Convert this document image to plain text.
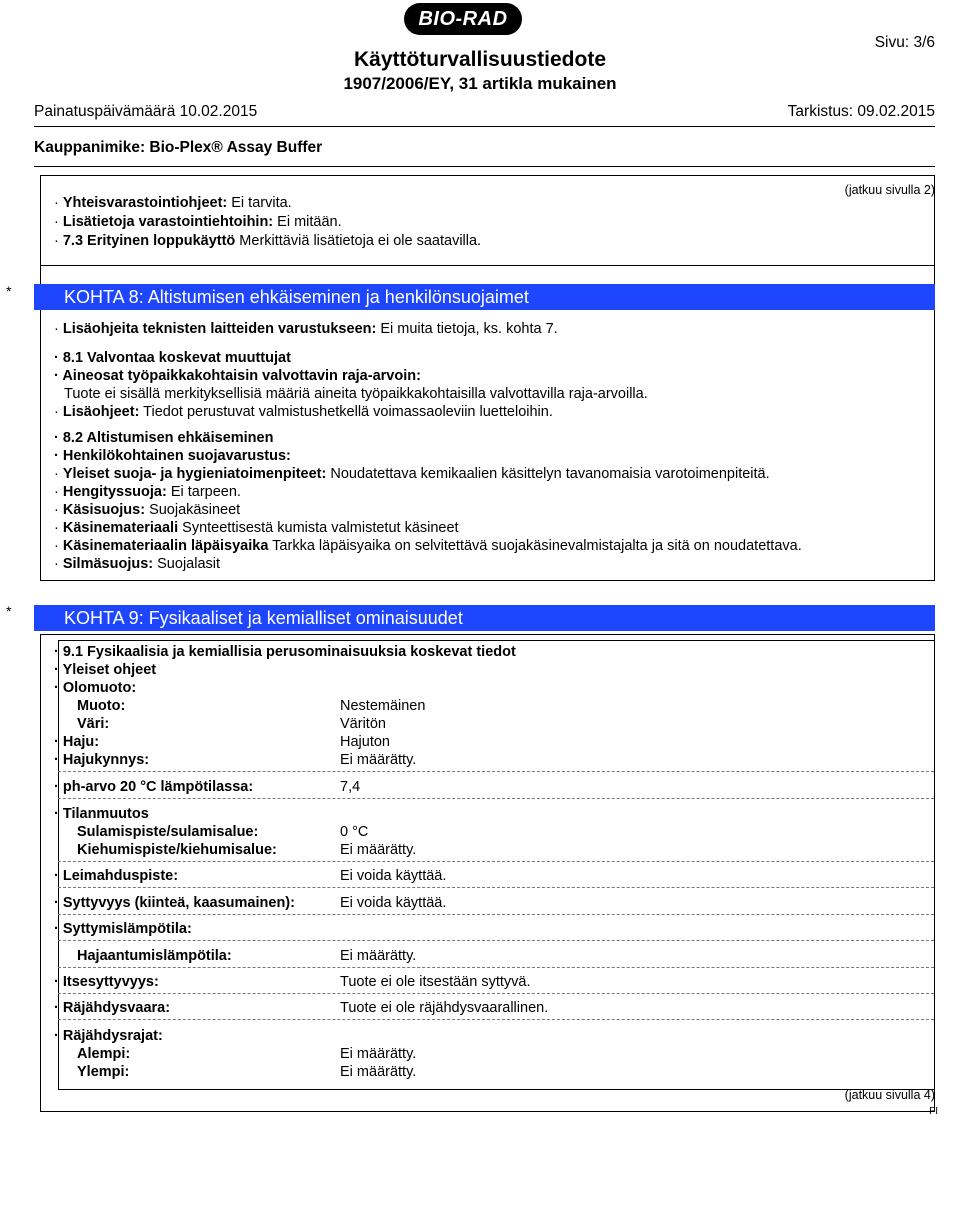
BIO-RAD
Käyttöturvallisuustiedote
1907/2006/EY, 31 artikla mukainen
Sivu: 3/6
Painatuspäivämäärä 10.02.2015	Tarkistus: 09.02.2015
Kauppanimike: Bio-Plex® Assay Buffer
(jatkuu sivulla 2)
· Yhteisvarastointiohjeet: Ei tarvita.
· Lisätietoja varastointiehtoihin: Ei mitään.
· 7.3 Erityinen loppukäyttö Merkittäviä lisätietoja ei ole saatavilla.
*	KOHTA 8: Altistumisen ehkäiseminen ja henkilönsuojaimet
· Lisäohjeita teknisten laitteiden varustukseen: Ei muita tietoja, ks. kohta 7.
· 8.1 Valvontaa koskevat muuttujat
· Aineosat työpaikkakohtaisin valvottavin raja-arvoin:
Tuote ei sisällä merkityksellisiä määriä aineita työpaikkakohtaisilla valvottavilla raja-arvoilla.
· Lisäohjeet: Tiedot perustuvat valmistushetkellä voimassaoleviin luetteloihin.
· 8.2 Altistumisen ehkäiseminen
· Henkilökohtainen suojavarustus:
· Yleiset suoja- ja hygieniatoimenpiteet: Noudatettava kemikaalien käsittelyn tavanomaisia varotoimenpiteitä.
· Hengityssuoja: Ei tarpeen.
· Käsisuojus: Suojakäsineet
· Käsinemateriaali Synteettisestä kumista valmistetut käsineet
· Käsinemateriaalin läpäisyaika Tarkka läpäisyaika on selvitettävä suojakäsinevalmistajalta ja sitä on noudatettava.
· Silmäsuojus: Suojalasit
*	KOHTA 9: Fysikaaliset ja kemialliset ominaisuudet
· 9.1 Fysikaalisia ja kemiallisia perusominaisuuksia koskevat tiedot
· Yleiset ohjeet
· Olomuoto:
Muoto:	Nestemäinen
Väri:	Väritön
· Haju:	Hajuton
· Hajukynnys:	Ei määrätty.
· ph-arvo 20 °C lämpötilassa:	7,4
· Tilanmuutos
Sulamispiste/sulamisalue:	0 °C
Kiehumispiste/kiehumisalue:	Ei määrätty.
· Leimahduspiste:	Ei voida käyttää.
· Syttyvyys (kiinteä, kaasumainen):	Ei voida käyttää.
· Syttymislämpötila:
Hajaantumislämpötila:	Ei määrätty.
· Itsesyttyvyys:	Tuote ei ole itsestään syttyvä.
· Räjähdysvaara:	Tuote ei ole räjähdysvaarallinen.
· Räjähdysrajat:
Alempi:	Ei määrätty.
Ylempi:	Ei määrätty.
(jatkuu sivulla 4)
FI
